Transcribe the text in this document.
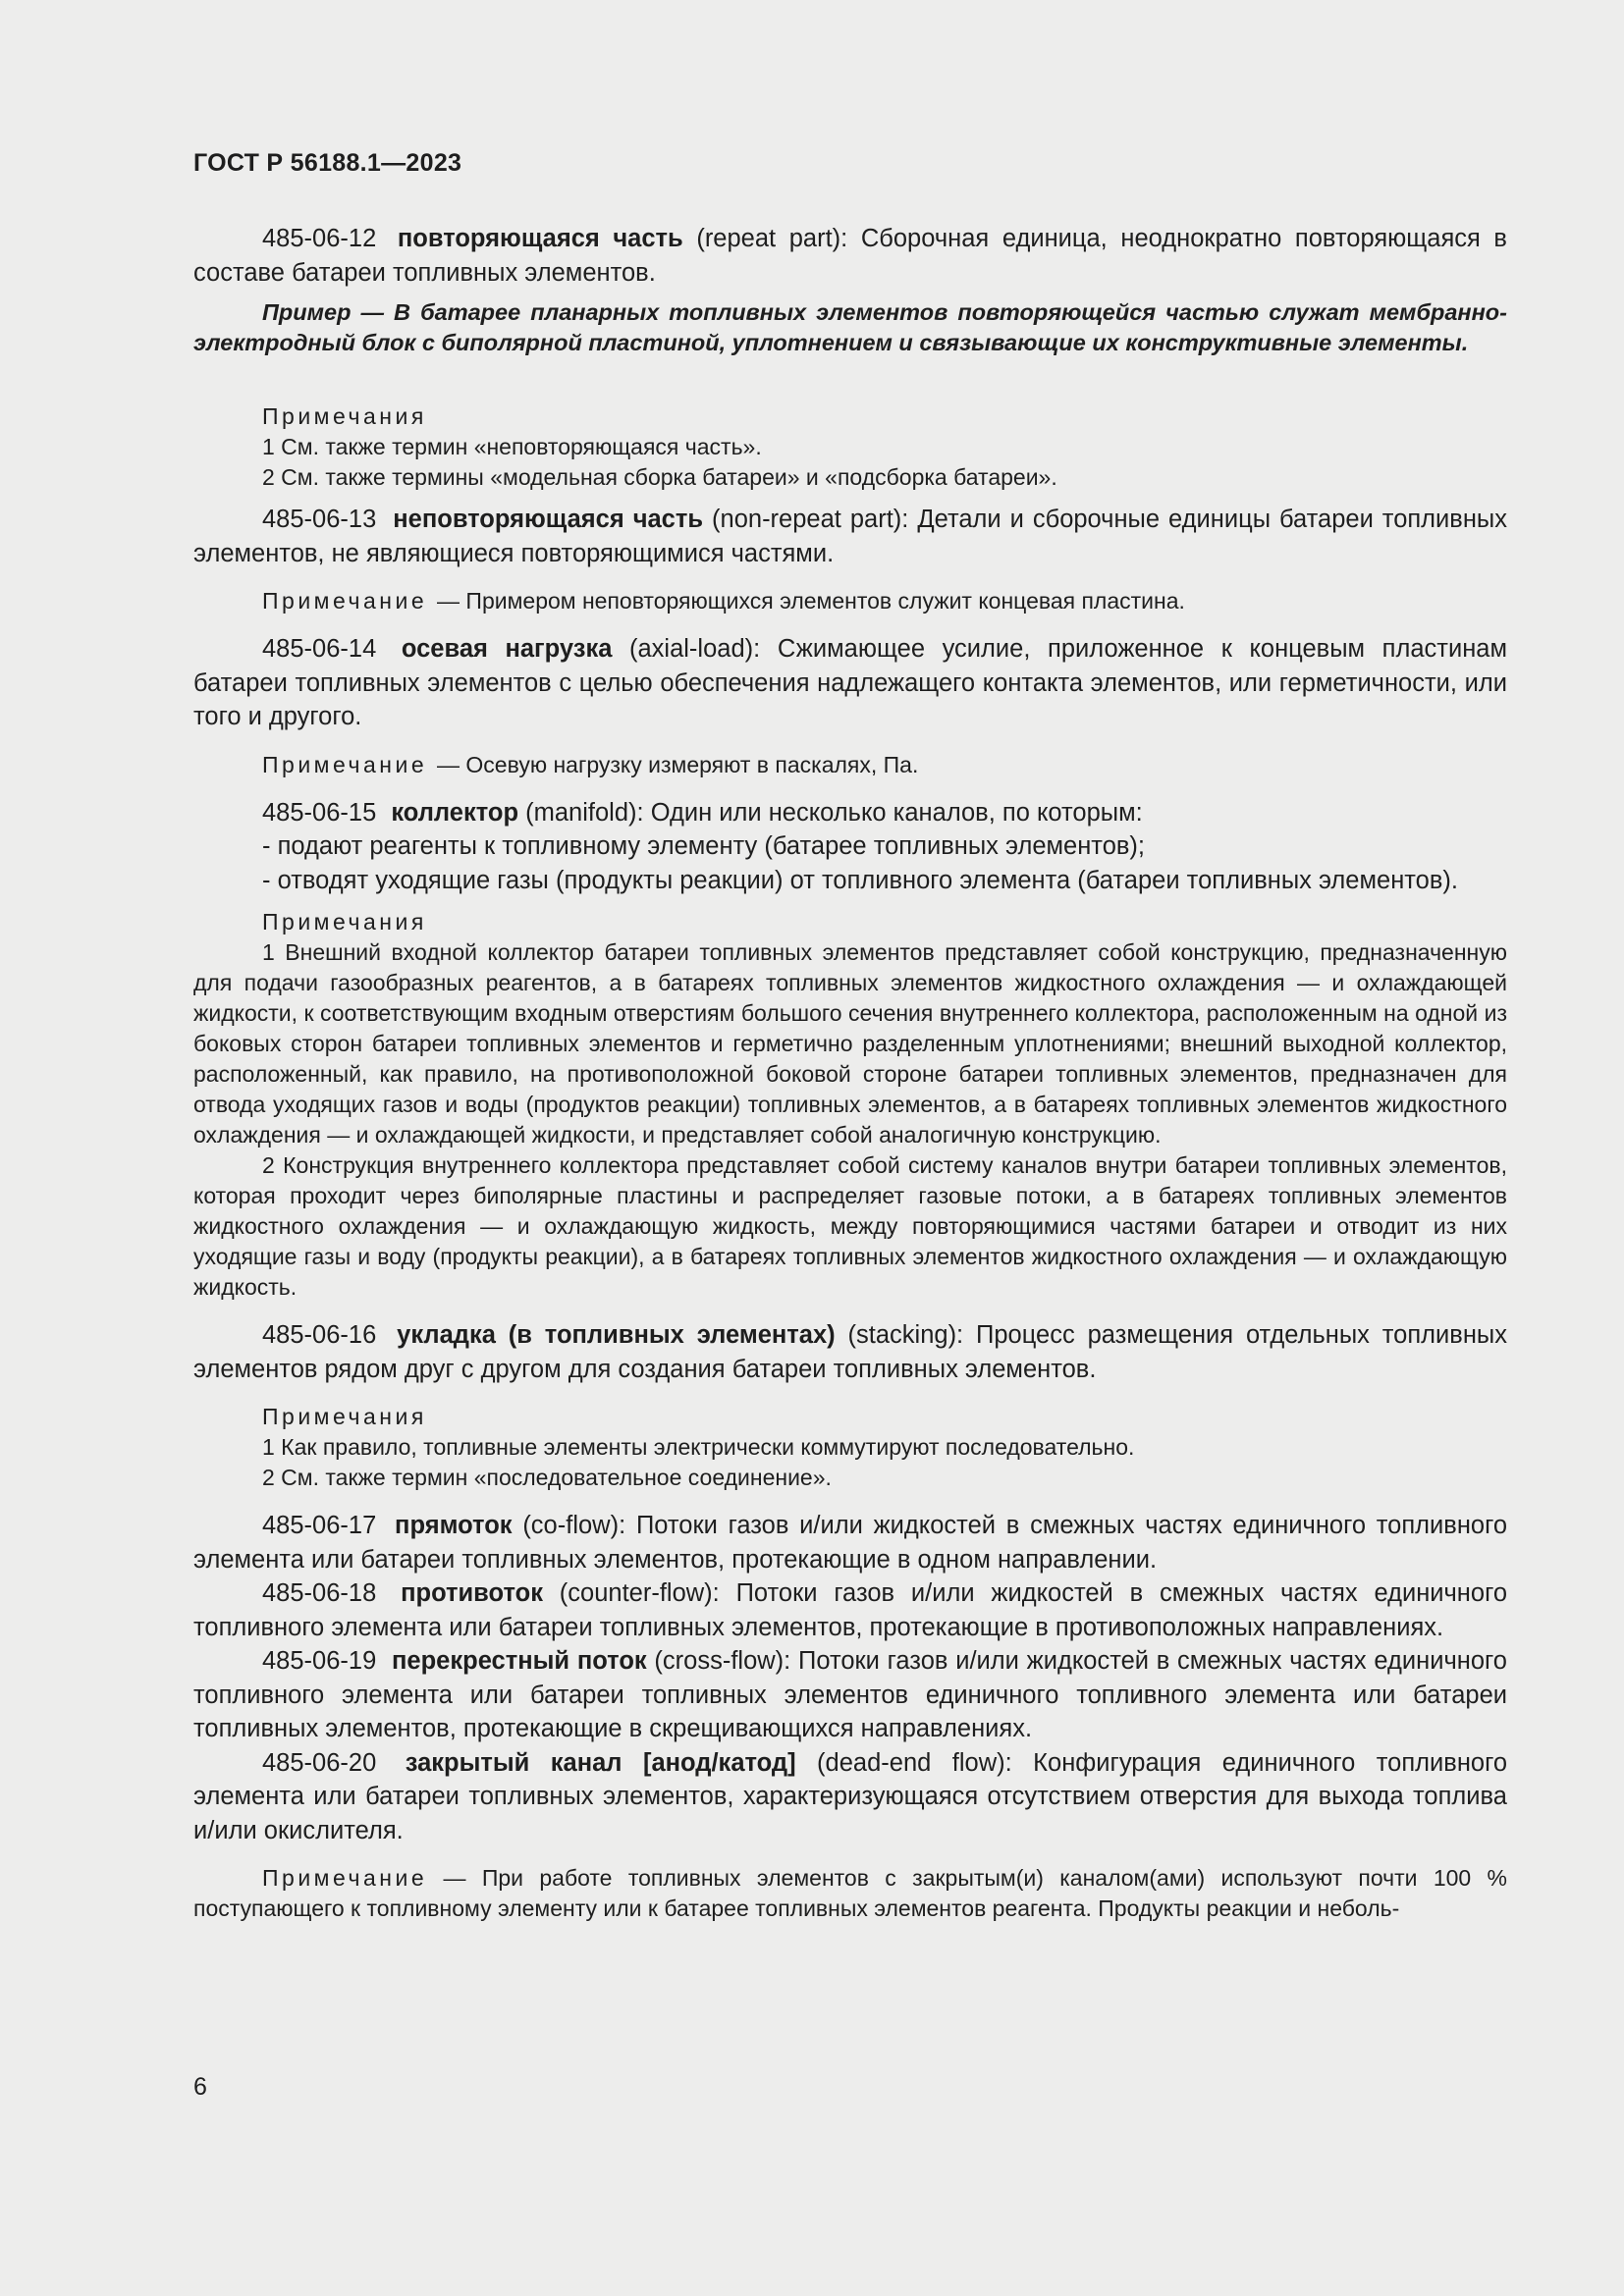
ГОСТ Р 56188.1—2023

485-06-12 повторяющаяся часть (repeat part): Сборочная единица, неоднократно повторяющаяся в составе батареи топливных элементов.

Пример — В батарее планарных топливных элементов повторяющейся частью служат мембранно-электродный блок с биполярной пластиной, уплотнением и связывающие их конструктивные элементы.

Примечания

1 См. также термин «неповторяющаяся часть».

2 См. также термины «модельная сборка батареи» и «подсборка батареи».

485-06-13 неповторяющаяся часть (non-repeat part): Детали и сборочные единицы батареи топливных элементов, не являющиеся повторяющимися частями.

Примечание — Примером неповторяющихся элементов служит концевая пластина.

485-06-14 осевая нагрузка (axial-load): Сжимающее усилие, приложенное к концевым пластинам батареи топливных элементов с целью обеспечения надлежащего контакта элементов, или герметичности, или того и другого.

Примечание — Осевую нагрузку измеряют в паскалях, Па.

485-06-15 коллектор (manifold): Один или несколько каналов, по которым:

- подают реагенты к топливному элементу (батарее топливных элементов);

- отводят уходящие газы (продукты реакции) от топливного элемента (батареи топливных элементов).

Примечания

1 Внешний входной коллектор батареи топливных элементов представляет собой конструкцию, предназначенную для подачи газообразных реагентов, а в батареях топливных элементов жидкостного охлаждения — и охлаждающей жидкости, к соответствующим входным отверстиям большого сечения внутреннего коллектора, расположенным на одной из боковых сторон батареи топливных элементов и герметично разделенным уплотнениями; внешний выходной коллектор, расположенный, как правило, на противоположной боковой стороне батареи топливных элементов, предназначен для отвода уходящих газов и воды (продуктов реакции) топливных элементов, а в батареях топливных элементов жидкостного охлаждения — и охлаждающей жидкости, и представляет собой аналогичную конструкцию.

2 Конструкция внутреннего коллектора представляет собой систему каналов внутри батареи топливных элементов, которая проходит через биполярные пластины и распределяет газовые потоки, а в батареях топливных элементов жидкостного охлаждения — и охлаждающую жидкость, между повторяющимися частями батареи и отводит из них уходящие газы и воду (продукты реакции), а в батареях топливных элементов жидкостного охлаждения — и охлаждающую жидкость.

485-06-16 укладка (в топливных элементах) (stacking): Процесс размещения отдельных топливных элементов рядом друг с другом для создания батареи топливных элементов.

Примечания

1 Как правило, топливные элементы электрически коммутируют последовательно.

2 См. также термин «последовательное соединение».

485-06-17 прямоток (co-flow): Потоки газов и/или жидкостей в смежных частях единичного топливного элемента или батареи топливных элементов, протекающие в одном направлении.

485-06-18 противоток (counter-flow): Потоки газов и/или жидкостей в смежных частях единичного топливного элемента или батареи топливных элементов, протекающие в противоположных направлениях.

485-06-19 перекрестный поток (cross-flow): Потоки газов и/или жидкостей в смежных частях единичного топливного элемента или батареи топливных элементов единичного топливного элемента или батареи топливных элементов, протекающие в скрещивающихся направлениях.

485-06-20 закрытый канал [анод/катод] (dead-end flow): Конфигурация единичного топливного элемента или батареи топливных элементов, характеризующаяся отсутствием отверстия для выхода топлива и/или окислителя.

Примечание — При работе топливных элементов с закрытым(и) каналом(ами) используют почти 100 % поступающего к топливному элементу или к батарее топливных элементов реагента. Продукты реакции и неболь-

6
